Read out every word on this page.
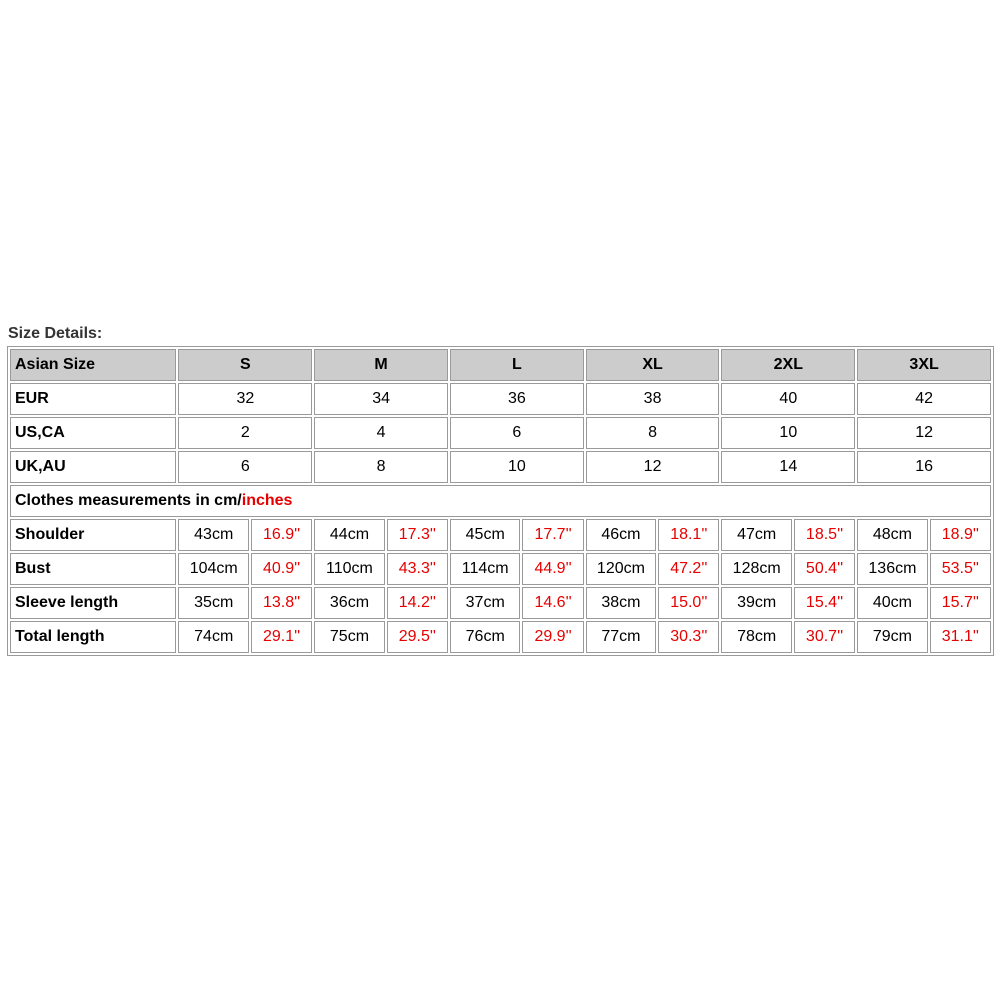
Size Details:
Asian Size	S		M		L		XL		2XL		3XL	
EUR	32		34		36		38		40		42	
US,CA	2		4		6		8		10		12	
UK,AU	6		8		10		12		14		16	
Clothes measurements in cm/inches												
Shoulder	43cm	16.9''	44cm	17.3''	45cm	17.7''	46cm	18.1''	47cm	18.5''	48cm	18.9''
Bust	104cm	40.9''	110cm	43.3''	114cm	44.9''	120cm	47.2''	128cm	50.4''	136cm	53.5''
Sleeve length	35cm	13.8''	36cm	14.2''	37cm	14.6''	38cm	15.0''	39cm	15.4''	40cm	15.7''
Total length	74cm	29.1''	75cm	29.5''	76cm	29.9''	77cm	30.3''	78cm	30.7''	79cm	31.1''
